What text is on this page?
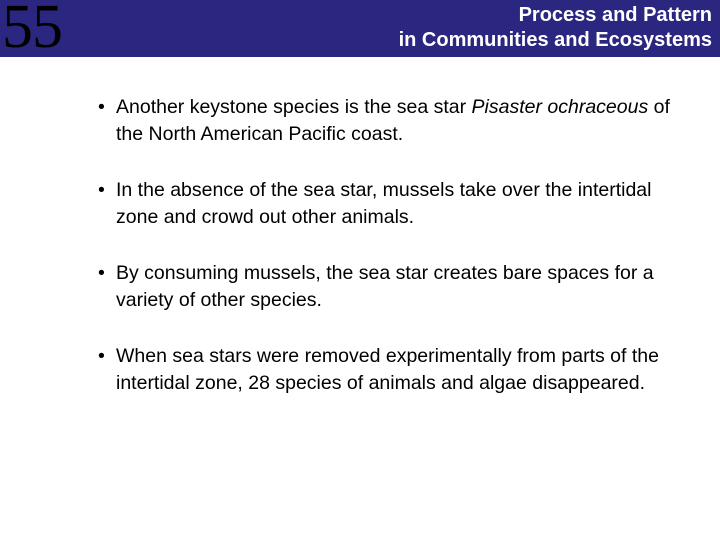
55	Process and Pattern
in Communities and Ecosystems
• Another keystone species is the sea star Pisaster ochraceous of the North American Pacific coast.
• In the absence of the sea star, mussels take over the intertidal zone and crowd out other animals.
• By consuming mussels, the sea star creates bare spaces for a variety of other species.
• When sea stars were removed experimentally from parts of the intertidal zone, 28 species of animals and algae disappeared.
